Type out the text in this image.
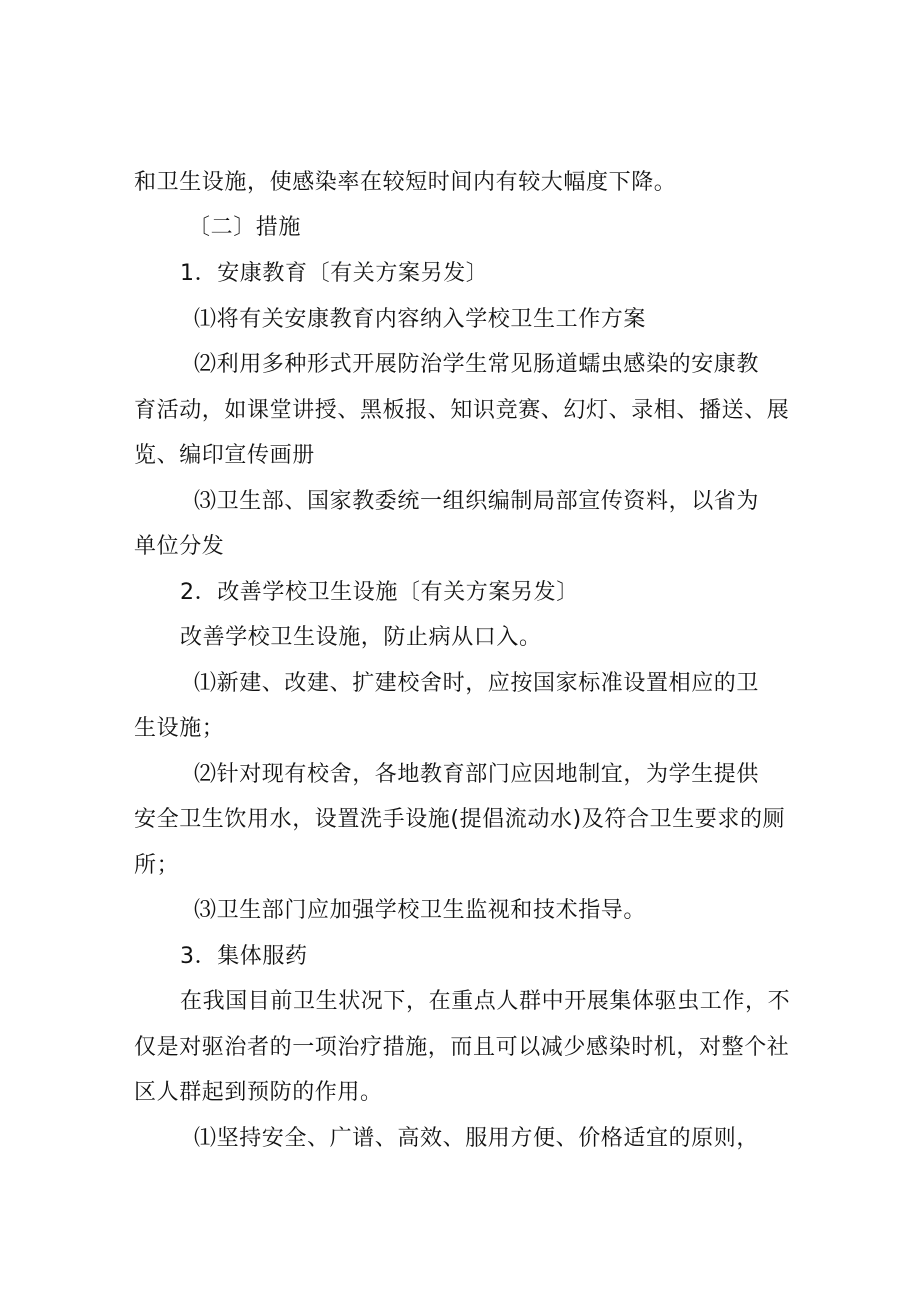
和卫生设施，使感染率在较短时间内有较大幅度下降。
〔二〕措施
1．安康教育〔有关方案另发〕
⑴将有关安康教育内容纳入学校卫生工作方案
⑵利用多种形式开展防治学生常见肠道蠕虫感染的安康教
育活动，如课堂讲授、黑板报、知识竞赛、幻灯、录相、播送、展
览、编印宣传画册
⑶卫生部、国家教委统一组织编制局部宣传资料，以省为
单位分发
2．改善学校卫生设施〔有关方案另发〕
改善学校卫生设施，防止病从口入。
⑴新建、改建、扩建校舍时，应按国家标准设置相应的卫
生设施；
⑵针对现有校舍，各地教育部门应因地制宜，为学生提供
安全卫生饮用水，设置洗手设施(提倡流动水)及符合卫生要求的厕
所；
⑶卫生部门应加强学校卫生监视和技术指导。
3．集体服药
在我国目前卫生状况下，在重点人群中开展集体驱虫工作，不
仅是对驱治者的一项治疗措施，而且可以减少感染时机，对整个社
区人群起到预防的作用。
⑴坚持安全、广谱、高效、服用方便、价格适宜的原则，
